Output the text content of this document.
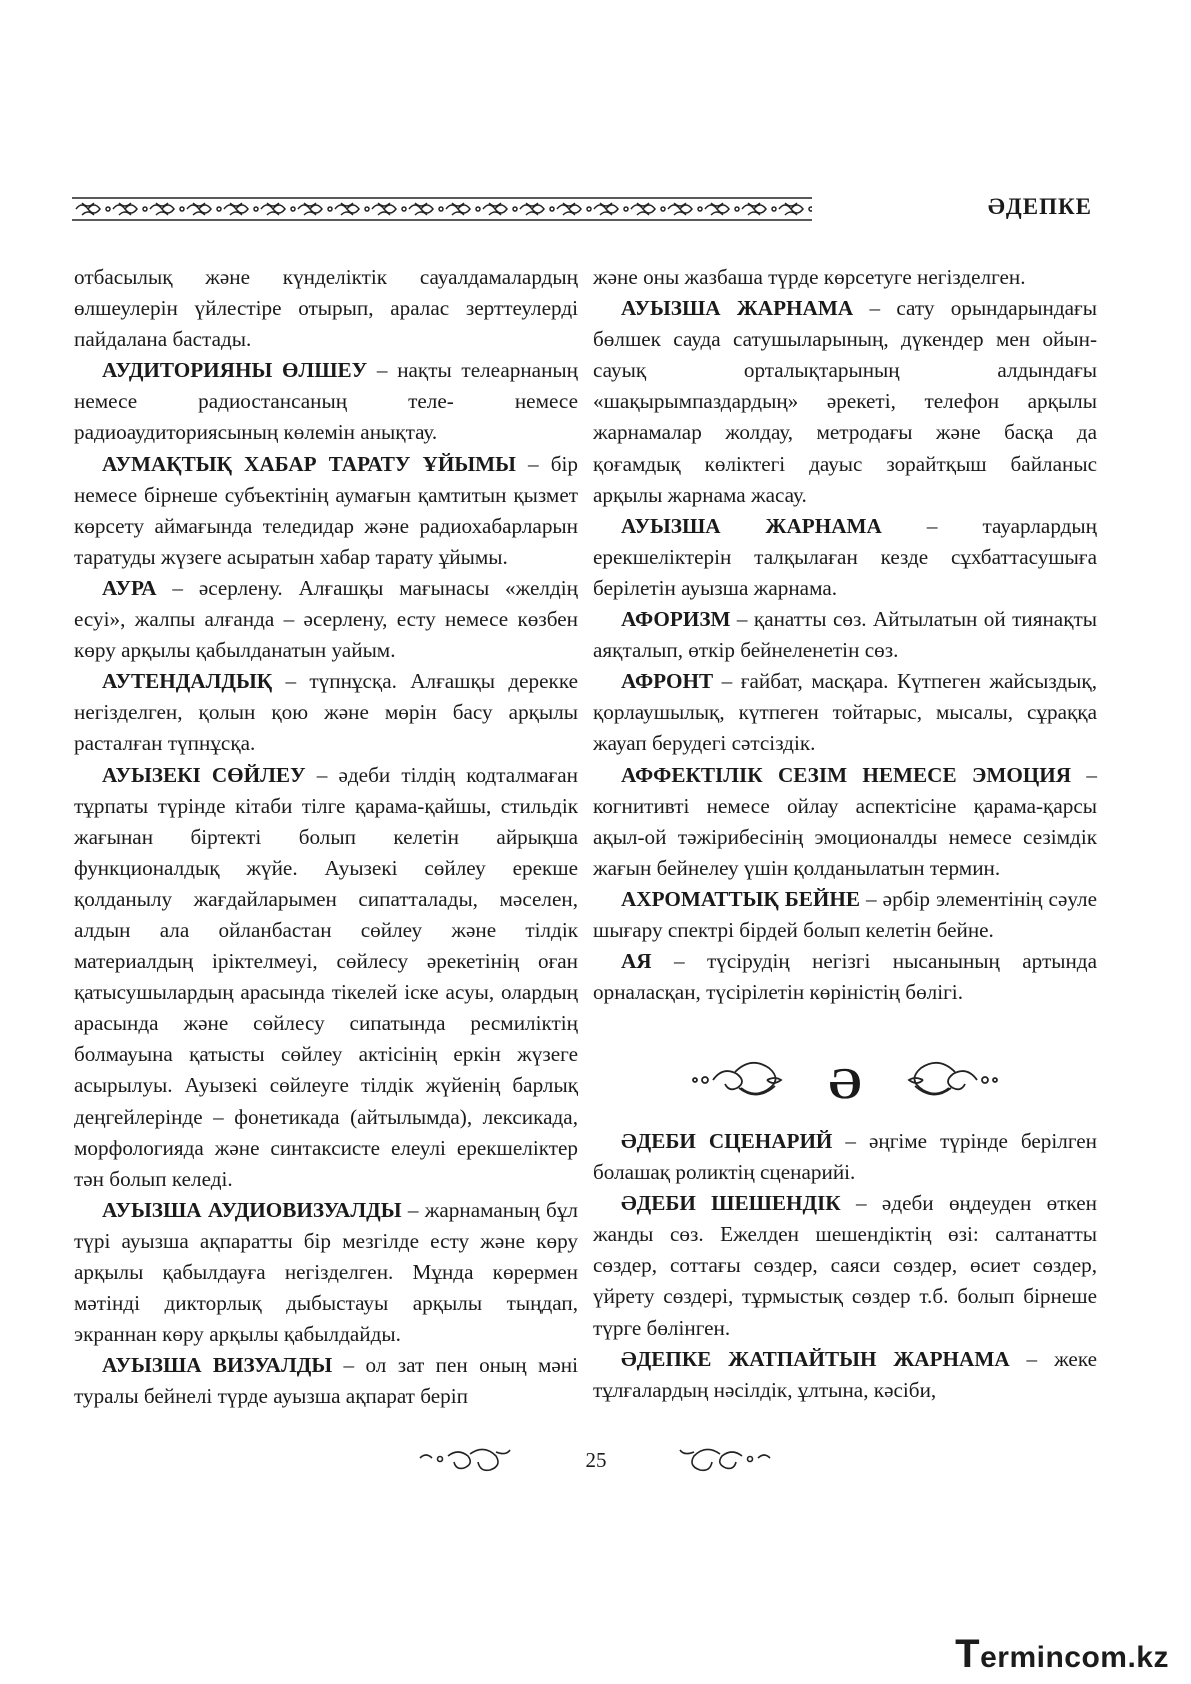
ӘДЕПКЕ

отбасылық және күнделіктік сауалдамалардың өлшеулерін үйлестіре отырып, аралас зерттеулерді пайдалана бастады.

АУДИТОРИЯНЫ ӨЛШЕУ – нақты телеарнаның немесе радиостансаның теле- немесе радиоаудиториясының көлемін анықтау.

АУМАҚТЫҚ ХАБАР ТАРАТУ ҰЙЫМЫ – бір немесе бірнеше субъектінің аумағын қамтитын қызмет көрсету аймағында теледидар және радиохабарларын таратуды жүзеге асыратын хабар тарату ұйымы.

АУРА – әсерлену. Алғашқы мағынасы «желдің есуі», жалпы алғанда – әсерлену, есту немесе көзбен көру арқылы қабылданатын уайым.

АУТЕНДАЛДЫҚ – түпнұсқа. Алғашқы дерекке негізделген, қолын қою және мөрін басу арқылы расталған түпнұсқа.

АУЫЗЕКІ СӨЙЛЕУ – әдеби тілдің кодталмаған тұрпаты түрінде кітаби тілге қарама-қайшы, стильдік жағынан біртекті болып келетін айрықша функционалдық жүйе. Ауызекі сөйлеу ерекше қолданылу жағдайларымен сипатталады, мәселен, алдын ала ойланбастан сөйлеу және тілдік материалдың іріктелмеуі, сөйлесу әрекетінің оған қатысушылардың арасында тікелей іске асуы, олардың арасында және сөйлесу сипатында ресмиліктің болмауына қатысты сөйлеу актісінің еркін жүзеге асырылуы. Ауызекі сөйлеуге тілдік жүйенің барлық деңгейлерінде – фонетикада (айтылымда), лексикада, морфологияда және синтаксисте елеулі ерекшеліктер тән болып келеді.

АУЫЗША АУДИОВИЗУАЛДЫ – жарнаманың бұл түрі ауызша ақпаратты бір мезгілде есту және көру арқылы қабылдауға негізделген. Мұнда көрермен мәтінді дикторлық дыбыстауы арқылы тыңдап, экраннан көру арқылы қабылдайды.

АУЫЗША ВИЗУАЛДЫ – ол зат пен оның мәні туралы бейнелі түрде ауызша ақпарат беріп

және оны жазбаша түрде көрсетуге негізделген.

АУЫЗША ЖАРНАМА – сату орындарындағы бөлшек сауда сатушыларының, дүкендер мен ойын-сауық орталықтарының алдындағы «шақырымпаздардың» әрекеті, телефон арқылы жарнамалар жолдау, метродағы және басқа да қоғамдық көліктегі дауыс зорайтқыш байланыс арқылы жарнама жасау.

АУЫЗША ЖАРНАМА – тауарлардың ерекшеліктерін талқылаған кезде сұхбаттасушыға берілетін ауызша жарнама.

АФОРИЗМ – қанатты сөз. Айтылатын ой тиянақты аяқталып, өткір бейнеленетін сөз.

АФРОНТ – ғайбат, масқара. Күтпеген жайсыздық, қорлаушылық, күтпеген тойтарыс, мысалы, сұраққа жауап берудегі сәтсіздік.

АФФЕКТІЛІК СЕЗІМ НЕМЕСЕ ЭМОЦИЯ – когнитивті немесе ойлау аспектісіне қарама-қарсы ақыл-ой тәжірибесінің эмоционалды немесе сезімдік жағын бейнелеу үшін қолданылатын термин.

АХРОМАТТЫҚ БЕЙНЕ – әрбір элементінің сәуле шығару спектрі бірдей болып келетін бейне.

АЯ – түсірудің негізгі нысанының артында орналасқан, түсірілетін көріністің бөлігі.

Ә

ӘДЕБИ СЦЕНАРИЙ – әңгіме түрінде берілген болашақ роликтің сценарийі.

ӘДЕБИ ШЕШЕНДІК – әдеби өңдеуден өткен жанды сөз. Ежелден шешендіктің өзі: салтанатты сөздер, соттағы сөздер, саяси сөздер, өсиет сөздер, үйрету сөздері, тұрмыстық сөздер т.б. болып бірнеше түрге бөлінген.

ӘДЕПКЕ ЖАТПАЙТЫН ЖАРНАМА – жеке тұлғалардың нәсілдік, ұлтына, кәсіби,

25
Termincom.kz
